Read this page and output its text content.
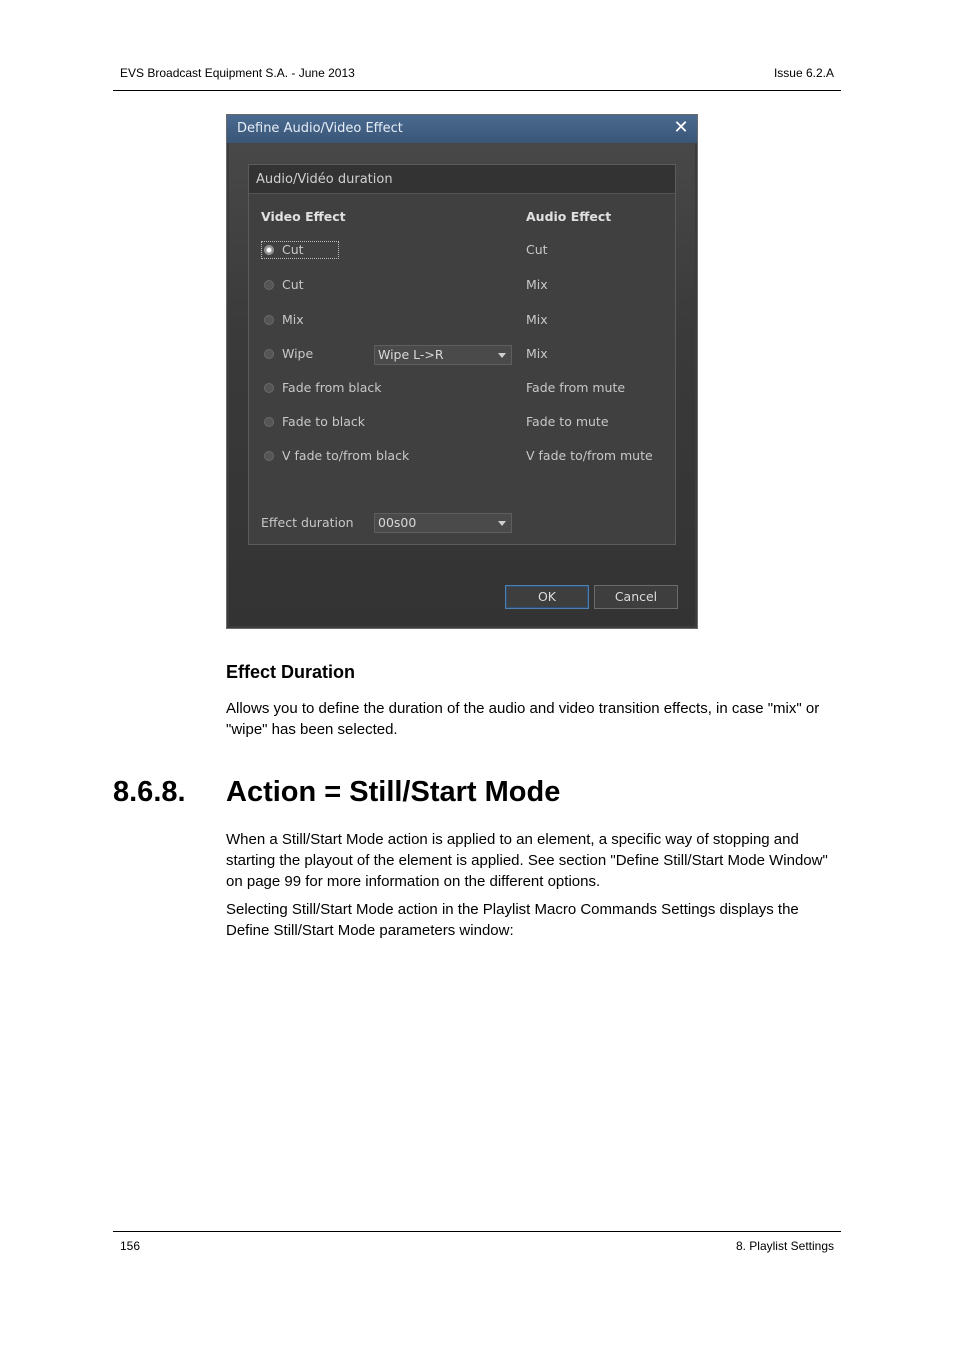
EVS Broadcast Equipment S.A. - June 2013	Issue 6.2.A
Define Audio/Video Effect	✕
Audio/Vidéo duration
Video Effect	Audio Effect
Cut	Cut
Cut	Mix
Mix	Mix
Wipe	Wipe L->R	Mix
Fade from black	Fade from mute
Fade to black	Fade to mute
V fade to/from black	V fade to/from mute
Effect duration	00s00
OK	Cancel
Effect Duration
Allows you to define the duration of the audio and video transition effects, in case "mix" or "wipe" has been selected.
8.6.8. Action = Still/Start Mode
When a Still/Start Mode action is applied to an element, a specific way of stopping and starting the playout of the element is applied. See section "Define Still/Start Mode Window" on page 99 for more information on the different options.
Selecting Still/Start Mode action in the Playlist Macro Commands Settings displays the Define Still/Start Mode parameters window:
156	8. Playlist Settings
